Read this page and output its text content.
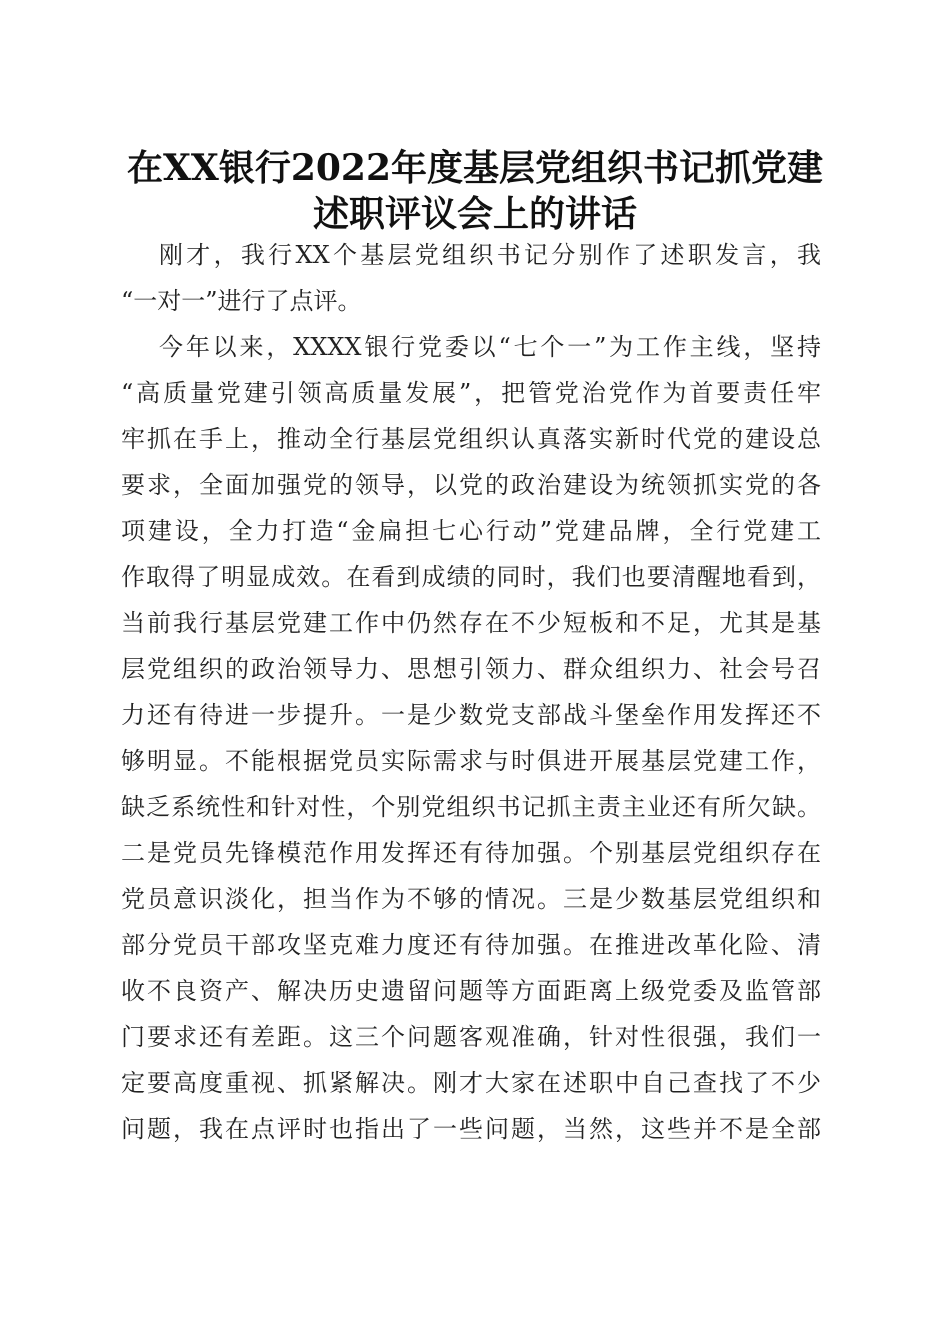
在XX银行2022年度基层党组织书记抓党建
述职评议会上的讲话
刚才，我行XX个基层党组织书记分别作了述职发言，我
“一对一”进行了点评。
今年以来，XXXX银行党委以“七个一”为工作主线，坚持
“高质量党建引领高质量发展”，把管党治党作为首要责任牢
牢抓在手上，推动全行基层党组织认真落实新时代党的建设总
要求，全面加强党的领导，以党的政治建设为统领抓实党的各
项建设，全力打造“金扁担七心行动”党建品牌，全行党建工
作取得了明显成效。在看到成绩的同时，我们也要清醒地看到，
当前我行基层党建工作中仍然存在不少短板和不足，尤其是基
层党组织的政治领导力、思想引领力、群众组织力、社会号召
力还有待进一步提升。一是少数党支部战斗堡垒作用发挥还不
够明显。不能根据党员实际需求与时俱进开展基层党建工作，
缺乏系统性和针对性，个别党组织书记抓主责主业还有所欠缺。
二是党员先锋模范作用发挥还有待加强。个别基层党组织存在
党员意识淡化，担当作为不够的情况。三是少数基层党组织和
部分党员干部攻坚克难力度还有待加强。在推进改革化险、清
收不良资产、解决历史遗留问题等方面距离上级党委及监管部
门要求还有差距。这三个问题客观准确，针对性很强，我们一
定要高度重视、抓紧解决。刚才大家在述职中自己查找了不少
问题，我在点评时也指出了一些问题，当然，这些并不是全部
